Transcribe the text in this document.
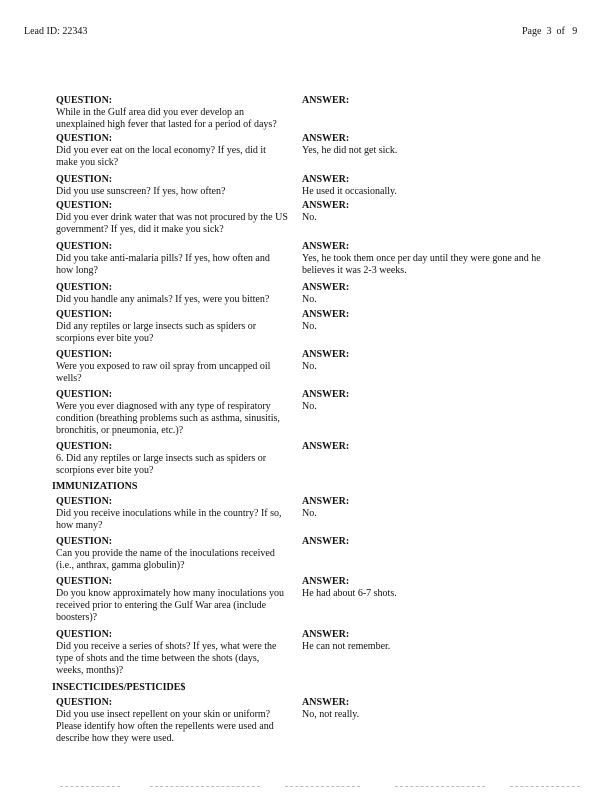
Lead ID: 22343	Page 3 of 9
QUESTION:
While in the Gulf area did you ever develop an unexplained high fever that lasted for a period of days?
ANSWER:
QUESTION:
Did you ever eat on the local economy? If yes, did it make you sick?
ANSWER:
Yes, he did not get sick.
QUESTION:
Did you use sunscreen? If yes, how often?
ANSWER:
He used it occasionally.
QUESTION:
Did you ever drink water that was not procured by the US government? If yes, did it make you sick?
ANSWER:
No.
QUESTION:
Did you take anti-malaria pills? If yes, how often and how long?
ANSWER:
Yes, he took them once per day until they were gone and he believes it was 2-3 weeks.
QUESTION:
Did you handle any animals? If yes, were you bitten?
ANSWER:
No.
QUESTION:
Did any reptiles or large insects such as spiders or scorpions ever bite you?
ANSWER:
No.
QUESTION:
Were you exposed to raw oil spray from uncapped oil wells?
ANSWER:
No.
QUESTION:
Were you ever diagnosed with any type of respiratory condition (breathing problems such as asthma, sinusitis, bronchitis, or pneumonia, etc.)?
ANSWER:
No.
QUESTION:
6. Did any reptiles or large insects such as spiders or scorpions ever bite you?
ANSWER:
IMMUNIZATIONS
QUESTION:
Did you receive inoculations while in the country? If so, how many?
ANSWER:
No.
QUESTION:
Can you provide the name of the inoculations received (i.e., anthrax, gamma globulin)?
ANSWER:
QUESTION:
Do you know approximately how many inoculations you received prior to entering the Gulf War area (include boosters)?
ANSWER:
He had about 6-7 shots.
QUESTION:
Did you receive a series of shots? If yes, what were the type of shots and the time between the shots (days, weeks, months)?
ANSWER:
He can not remember.
INSECTICIDES/PESTICIDE$
QUESTION:
Did you use insect repellent on your skin or uniform? Please identify how often the repellents were used and describe how they were used.
ANSWER:
No, not really.
